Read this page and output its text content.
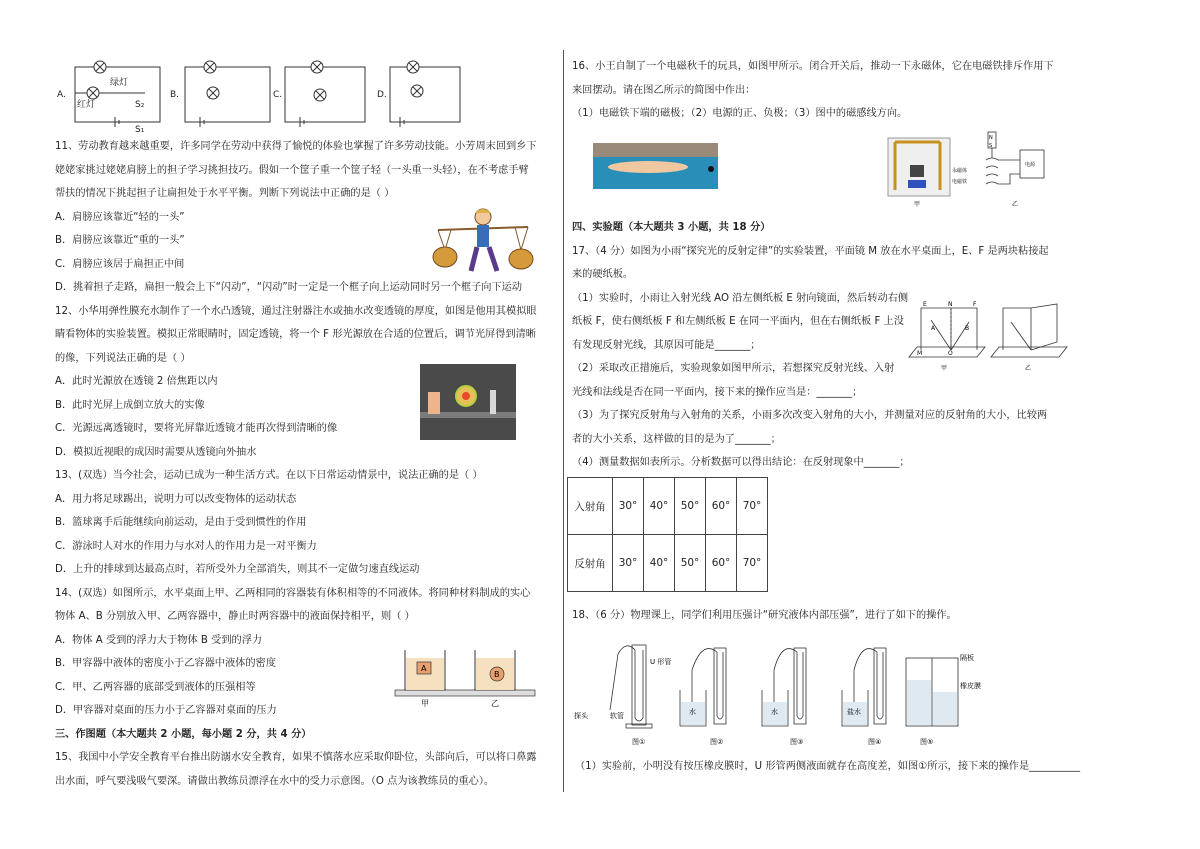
A.	B.	C.	D.
绿灯
红灯	S₂
S₁

11、劳动教育越来越重要，许多同学在劳动中获得了愉悦的体验也掌握了许多劳动技能。小芳周末回到乡下

姥姥家挑过姥姥肩膀上的担子学习挑担技巧。假如一个筐子重一个筐子轻（一头重一头轻），在不考虑手臂

帮扶的情况下挑起担子让扁担处于水平平衡。判断下列说法中正确的是（ ）

A．肩膀应该靠近“轻的一头”

B．肩膀应该靠近“重的一头”

C．肩膀应该居于扁担正中间

D．挑着担子走路，扁担一般会上下“闪动”，“闪动”时一定是一个框子向上运动同时另一个框子向下运动

12、小华用弹性膜充水制作了一个水凸透镜，通过注射器注水或抽水改变透镜的厚度，如图是他用其模拟眼

睛看物体的实验装置。模拟正常眼睛时，固定透镜，将一个 F 形光源放在合适的位置后，调节光屏得到清晰

的像，下列说法正确的是（ ）

A．此时光源放在透镜 2 倍焦距以内

B．此时光屏上成倒立放大的实像

C．光源远离透镜时，要将光屏靠近透镜才能再次得到清晰的像

D．模拟近视眼的成因时需要从透镜向外抽水

13、(双选）当今社会，运动已成为一种生活方式。在以下日常运动情景中，说法正确的是（ ）

A．用力将足球踢出，说明力可以改变物体的运动状态

B．篮球离手后能继续向前运动，是由于受到惯性的作用

C．游泳时人对水的作用力与水对人的作用力是一对平衡力

D．上升的排球到达最高点时，若所受外力全部消失，则其不一定做匀速直线运动

14、(双选）如图所示，水平桌面上甲、乙两相同的容器装有体积相等的不同液体。将同种材料制成的实心

物体 A、B 分别放入甲、乙两容器中，静止时两容器中的液面保持相平，则（ ）

A．物体 A 受到的浮力大于物体 B 受到的浮力

B．甲容器中液体的密度小于乙容器中液体的密度

C．甲、乙两容器的底部受到液体的压强相等

D．甲容器对桌面的压力小于乙容器对桌面的压力

三、作图题（本大题共 2 小题，每小题 2 分，共 4 分）

15、我国中小学安全教育平台推出防溺水安全教育，如果不慎落水应采取仰卧位，头部向后，可以将口鼻露

出水面，呼气要浅吸气要深。请做出教练员漂浮在水中的受力示意图。（O 点为该教练员的重心）。

A
B
甲	乙

16、小王自制了一个电磁秋千的玩具，如图甲所示。闭合开关后，推动一下永磁体，它在电磁铁排斥作用下

来回摆动。请在图乙所示的简图中作出：

（1）电磁铁下端的磁极；（2）电源的正、负极；（3）图中的磁感线方向。

永磁体
电磁铁
甲
N
S
电源
乙

四、实验题（本大题共 3 小题，共 18 分）

17、（4 分）如图为小雨“探究光的反射定律”的实验装置，平面镜 M 放在水平桌面上，E、F 是两块粘接起

来的硬纸板。

（1）实验时，小雨让入射光线 AO 沿左侧纸板 E 射向镜面，然后转动右侧

纸板 F，使右侧纸板 F 和左侧纸板 E 在同一平面内，但在右侧纸板 F 上没

有发现反射光线，其原因可能是_______；

（2）采取改正措施后，实验现象如图甲所示，若想探究反射光线、入射

光线和法线是否在同一平面内，接下来的操作应当是：_______；

（3）为了探究反射角与入射角的关系，小雨多次改变入射角的大小，并测量对应的反射角的大小，比较两

者的大小关系，这样做的目的是为了_______；

（4）测量数据如表所示。分析数据可以得出结论：在反射现象中_______；

E	N	F
A	B
M	O
甲	乙
入射角	30°	40°	50°	60°	70°
反射角	30°	40°	50°	60°	70°

18、（6 分）物理课上，同学们利用压强计“研究液体内部压强”，进行了如下的操作。

U 形管
探头	软管	水	水	盐水
隔板
橡皮膜
图①	图②	图③	图④	图⑤

（1）实验前，小明没有按压橡皮膜时，U 形管两侧液面就存在高度差，如图①所示，接下来的操作是__________
